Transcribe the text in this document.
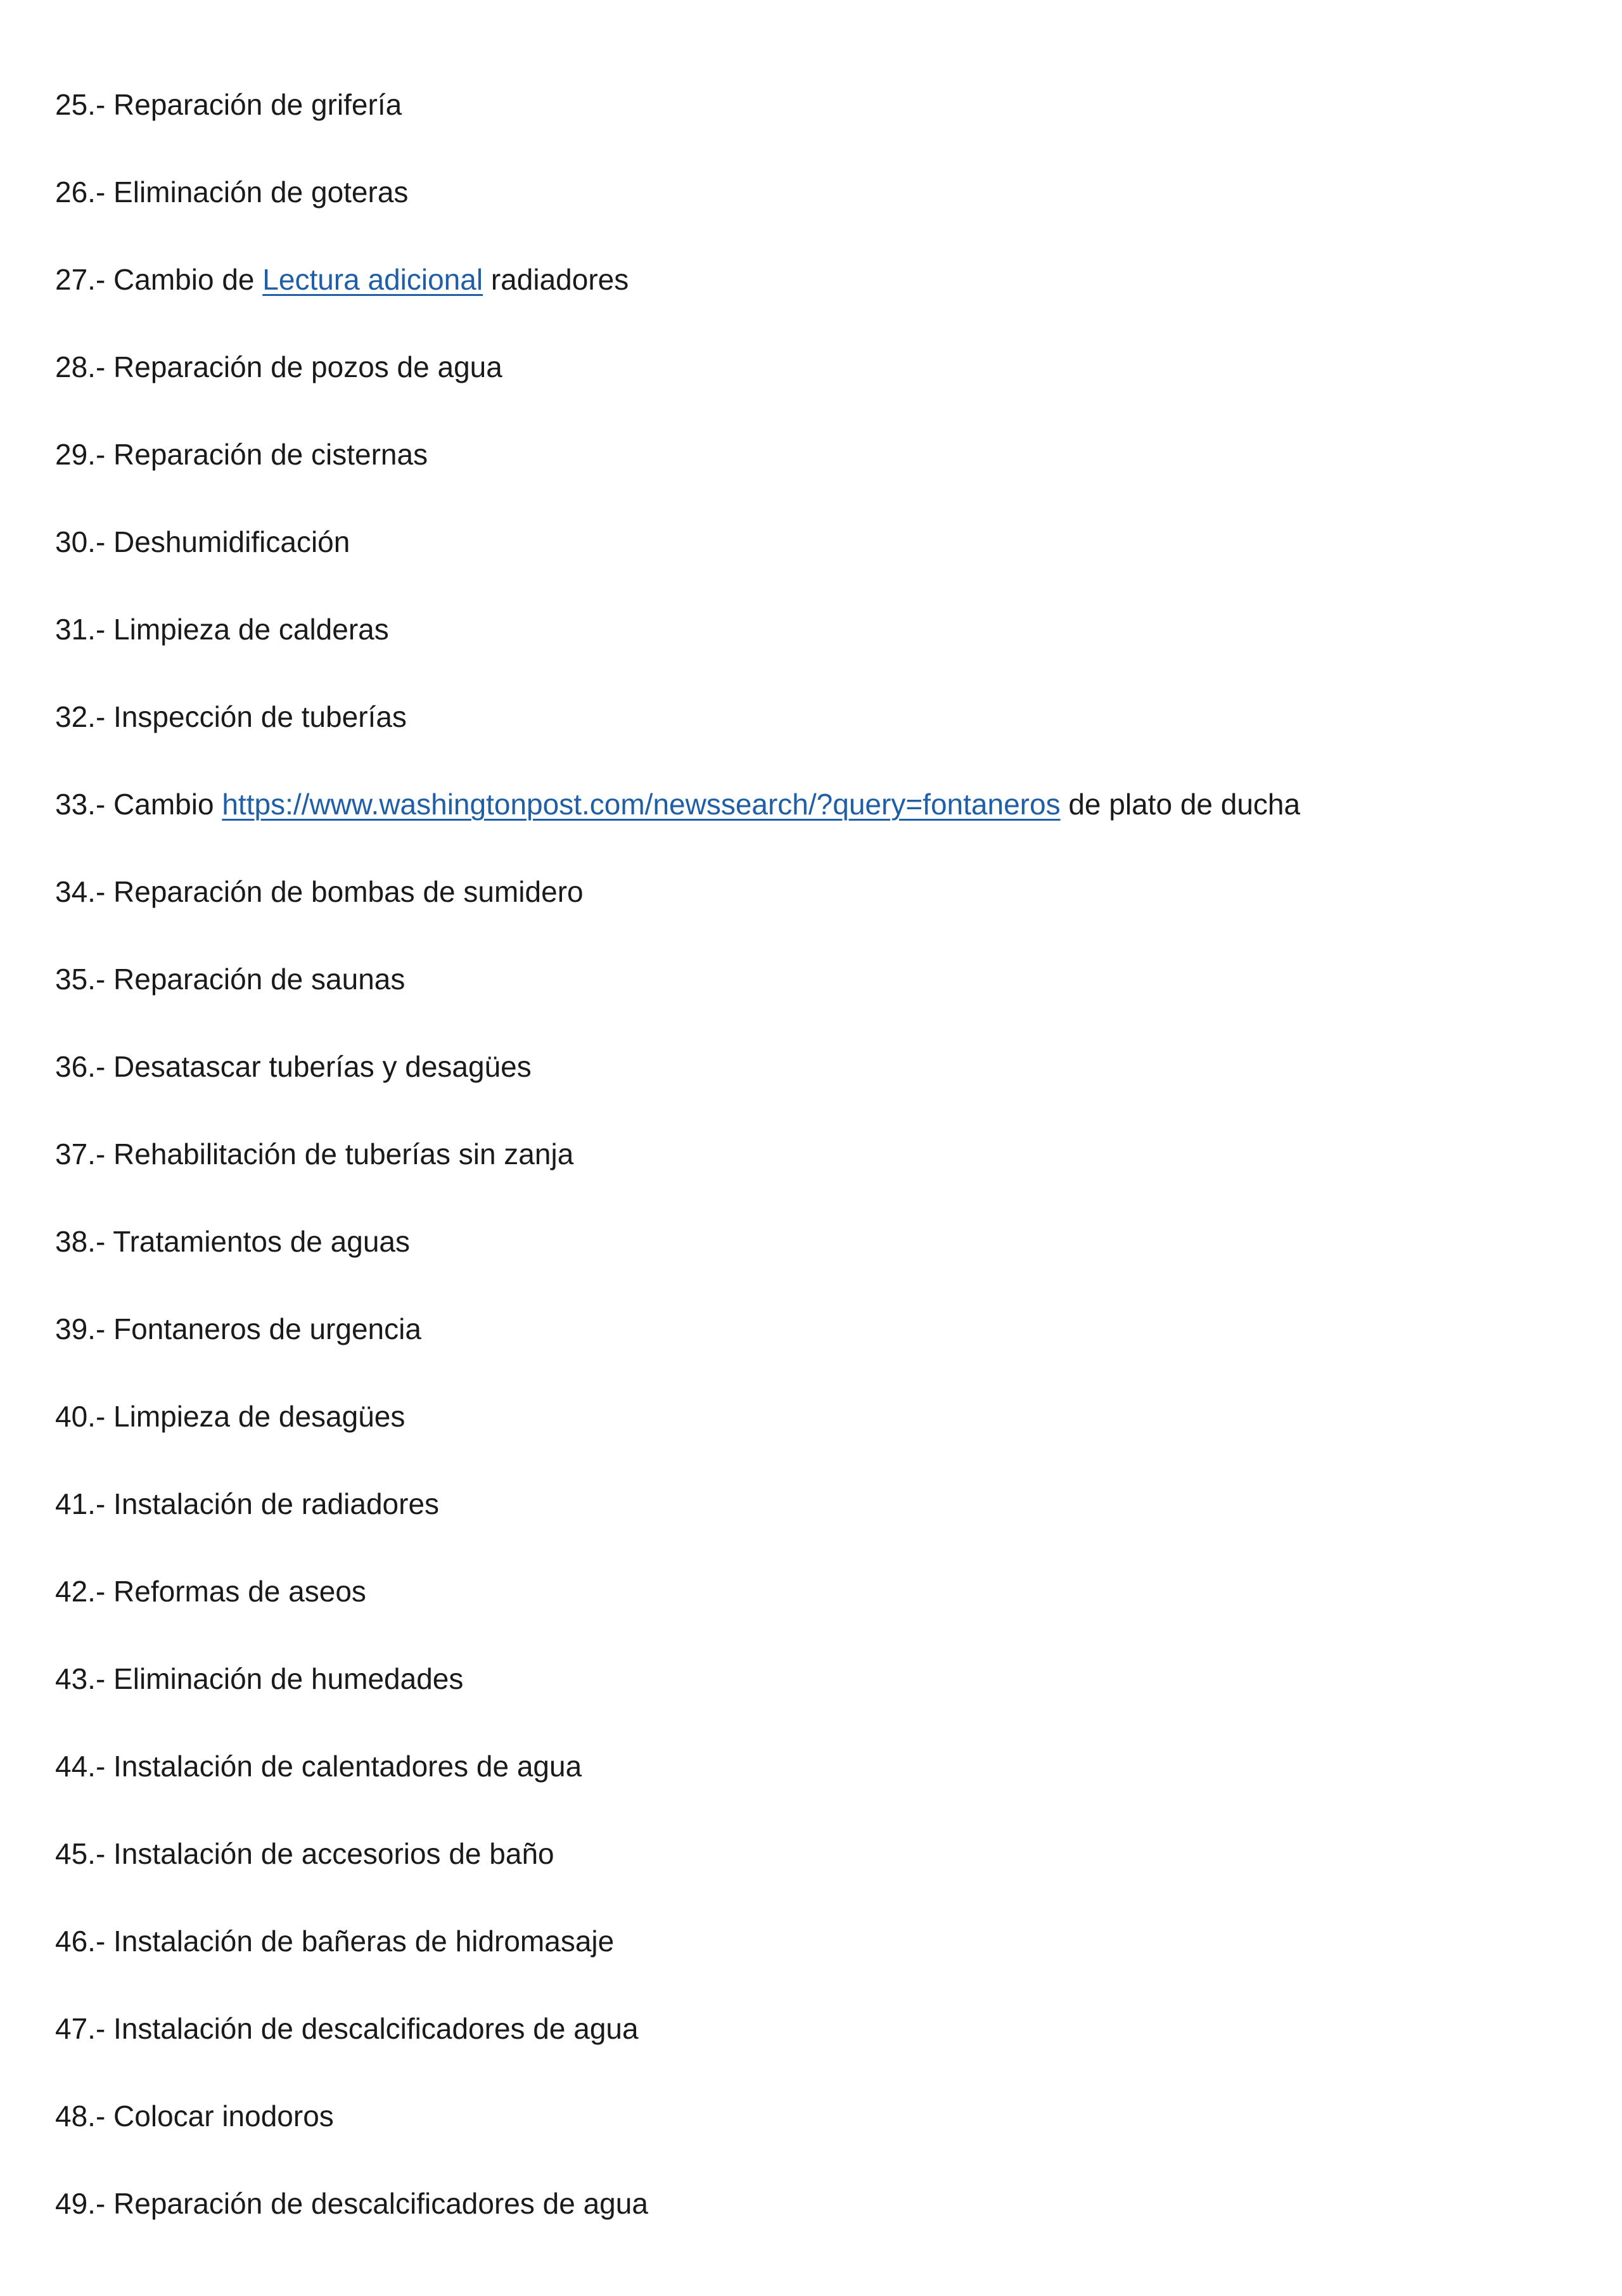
25.- Reparación de grifería
26.- Eliminación de goteras
27.- Cambio de Lectura adicional radiadores
28.- Reparación de pozos de agua
29.- Reparación de cisternas
30.- Deshumidificación
31.- Limpieza de calderas
32.- Inspección de tuberías
33.- Cambio https://www.washingtonpost.com/newssearch/?query=fontaneros de plato de ducha
34.- Reparación de bombas de sumidero
35.- Reparación de saunas
36.- Desatascar tuberías y desagües
37.- Rehabilitación de tuberías sin zanja
38.- Tratamientos de aguas
39.- Fontaneros de urgencia
40.- Limpieza de desagües
41.- Instalación de radiadores
42.- Reformas de aseos
43.- Eliminación de humedades
44.- Instalación de calentadores de agua
45.- Instalación de accesorios de baño
46.- Instalación de bañeras de hidromasaje
47.- Instalación de descalcificadores de agua
48.- Colocar inodoros
49.- Reparación de descalcificadores de agua
